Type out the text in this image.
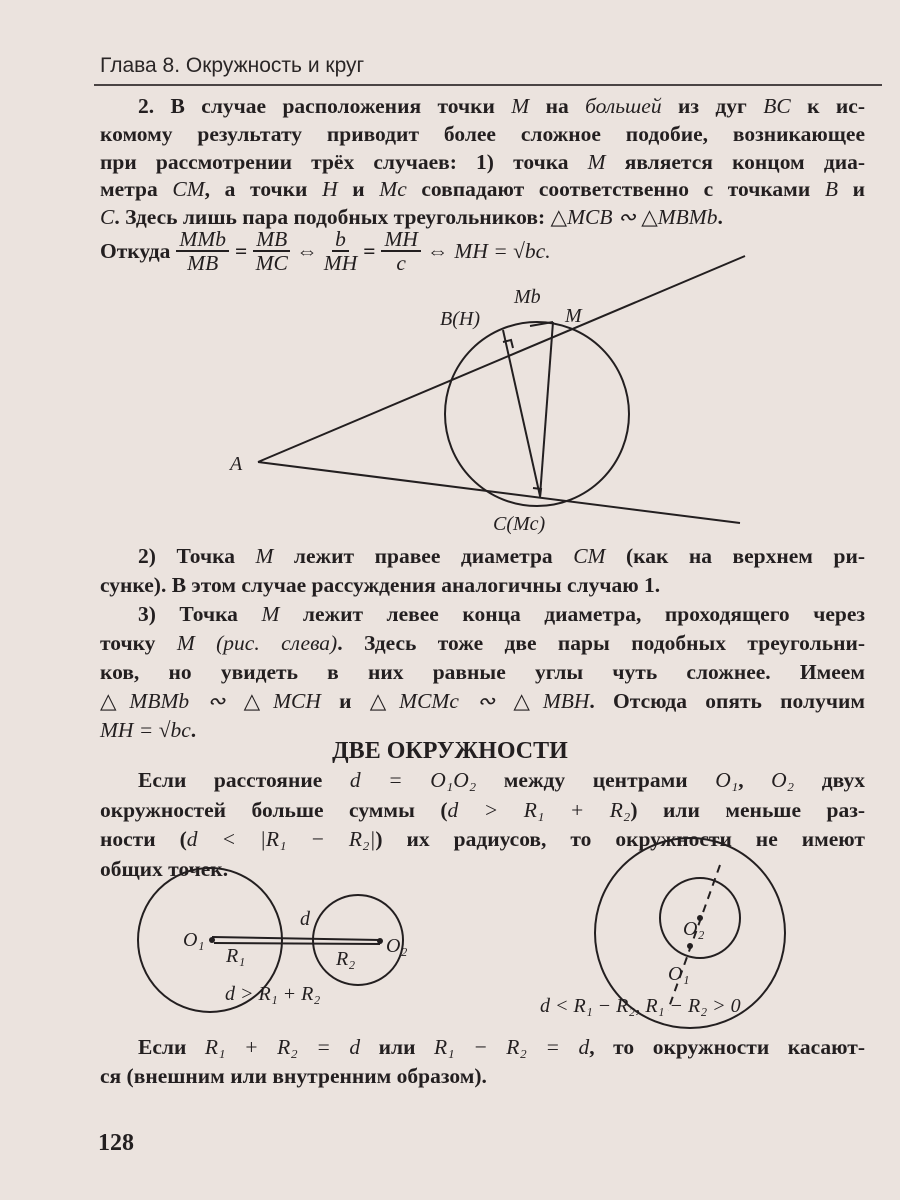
Глава 8. Окружность и круг
2. В случае расположения точки M на большей из дуг BC к ис-
комому результату приводит более сложное подобие, возникающее
при рассмотрении трёх случаев: 1) точка M является концом диа-
метра CM, а точки H и Mc совпадают соответственно с точками B и
C. Здесь лишь пара подобных треугольников: △MCB ∾ △MBMb.
Откуда $\frac{\text{MMb}}{MB} = \frac{MB}{MC}$ ⇔ $\frac{b}{MH} = \frac{MH}{c}$ ⇔ MH = √bc.
A
B(H)
Mb
M
C(Mc)
O₁	O₂
R₁	R₂
d
d > R₁ + R₂
O₂
O₁
d < R₁ − R₂, R₁ − R₂ > 0
2) Точка M лежит правее диаметра CM (как на верхнем ри-
сунке). В этом случае рассуждения аналогичны случаю 1.
3) Точка M лежит левее конца диаметра, проходящего через
точку M (рис. слева). Здесь тоже две пары подобных треугольни-
ков, но увидеть в них равные углы чуть сложнее. Имеем
△MBMb ∾ △MCH и △MCMc ∾ △MBH. Отсюда опять получим
MH = √bc.
ДВЕ ОКРУЖНОСТИ
Если расстояние d = O₁O₂ между центрами O₁, O₂ двух
окружностей больше суммы (d > R₁ + R₂) или меньше раз-
ности (d < |R₁ − R₂|) их радиусов, то окружности не имеют
общих точек.
Если R₁ + R₂ = d или R₁ − R₂ = d, то окружности касают-
ся (внешним или внутренним образом).
128
